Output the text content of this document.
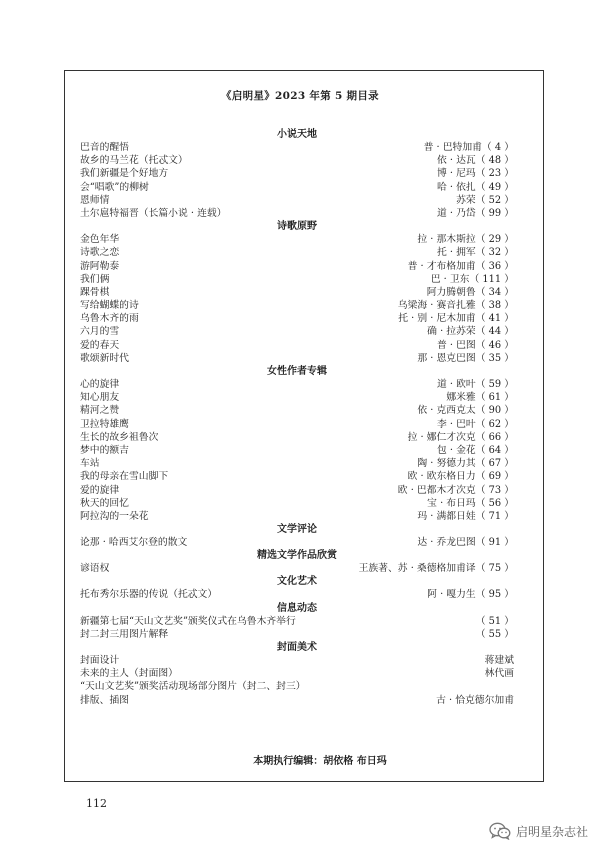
《启明星》2023 年第 5 期目录
小说天地
巴音的醒悟	普 · 巴特加甫（ 4 ）
故乡的马兰花（托忒文）	依 · 达瓦（ 48 ）
我们新疆是个好地方	博 · 尼玛（ 23 ）
会“唱歌”的柳树	哈 · 依扎（ 49 ）
恩师情	苏荣（ 52 ）
土尔扈特福晋（长篇小说 · 连载）	道 · 乃岱（ 99 ）
诗歌原野
金色年华	拉 · 那木斯拉（ 29 ）
诗歌之恋	托 · 拥军（ 32 ）
游阿勒泰	普 · 才布格加甫（ 36 ）
我们俩	巴 · 卫东（ 111 ）
踝骨棋	阿力腾朝鲁（ 34 ）
写给蝴蝶的诗	乌梁海 · 赛音扎雅（ 38 ）
乌鲁木齐的雨	托 · 别 · 尼木加甫（ 41 ）
六月的雪	确 · 拉苏荣（ 44 ）
爱的春天	普 · 巴图（ 46 ）
歌颂新时代	那 · 恩克巴图（ 35 ）
女性作者专辑
心的旋律	道 · 欧叶（ 59 ）
知心朋友	娜米雅（ 61 ）
精河之赞	依 · 克西克太（ 90 ）
卫拉特雄鹰	李 · 巴叶（ 62 ）
生长的故乡祖鲁次	拉 · 娜仁才次克（ 66 ）
梦中的额吉	包 · 金花（ 64 ）
车站	陶 · 努德力其（ 67 ）
我的母亲在雪山脚下	欧 · 欧东格日力（ 69 ）
爱的旋律	欧 · 巴都木才次克（ 73 ）
秋天的回忆	宝 · 布日玛（ 56 ）
阿拉沟的一朵花	玛 · 满都日娃（ 71 ）
文学评论
论那 · 哈西艾尔登的散文	达 · 乔龙巴图（ 91 ）
精选文学作品欣赏
谚语权	王族著、苏 · 桑德格加甫译（ 75 ）
文化艺术
托布秀尔乐器的传说（托忒文）	阿 · 嘎力生（ 95 ）
信息动态
新疆第七届“天山文艺奖”颁奖仪式在乌鲁木齐举行	（ 51 ）
封二封三用图片解释	（ 55 ）
封面美术
封面设计	蒋建斌
未来的主人（封面图）	林代画
“天山文艺奖”颁奖活动现场部分图片（封二、封三）
排版、插图	古 · 恰克德尔加甫
本期执行编辑：胡依格 布日玛
112
启明星杂志社
